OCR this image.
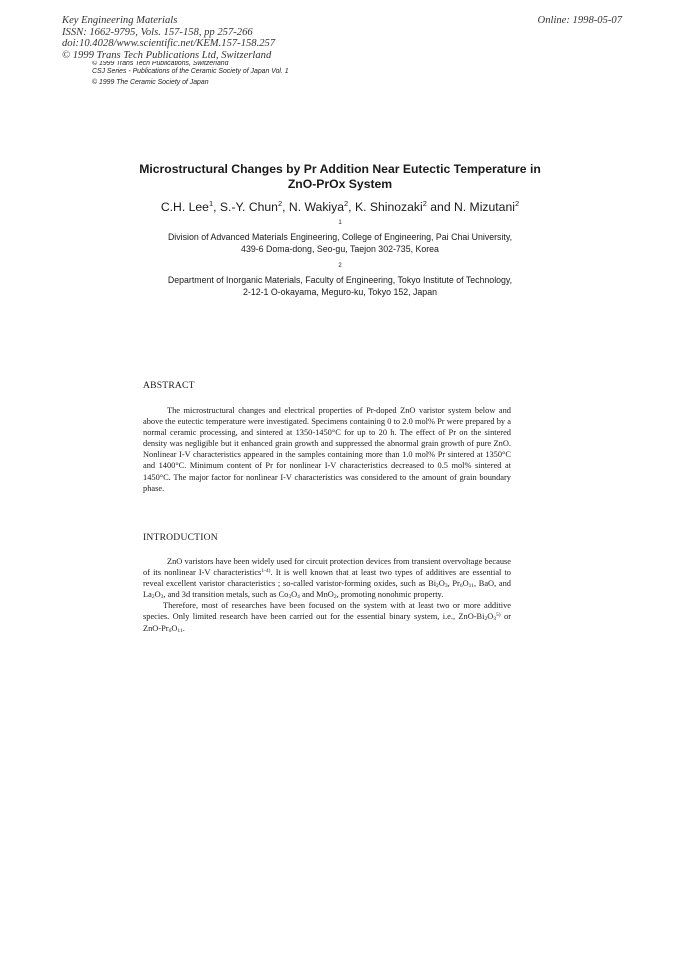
Key Engineering Materials
ISSN: 1662-9795, Vols. 157-158, pp 257-266
doi:10.4028/www.scientific.net/KEM.157-158.257
© 1999 Trans Tech Publications Ltd, Switzerland
Online: 1998-05-07
© 1999 Trans Tech Publications, Switzerland
CSJ Series - Publications of the Ceramic Society of Japan Vol. 1
© 1999 The Ceramic Society of Japan
Microstructural Changes by Pr Addition Near Eutectic Temperature in
ZnO-PrOx System
C.H. Lee$^1$, S.-Y. Chun$^2$, N. Wakiya$^2$, K. Shinozaki$^2$ and N. Mizutani$^2$
$^1$
Division of Advanced Materials Engineering, College of Engineering, Pai Chai University,
439-6 Doma-dong, Seo-gu, Taejon 302-735, Korea
$^2$
Department of Inorganic Materials, Faculty of Engineering, Tokyo Institute of Technology,
2-12-1 O-okayama, Meguro-ku, Tokyo 152, Japan
ABSTRACT

The microstructural changes and electrical properties of Pr-doped ZnO varistor system below and above the eutectic temperature were investigated. Specimens containing 0 to 2.0 mol% Pr were prepared by a normal ceramic processing, and sintered at 1350-1450°C for up to 20 h. The effect of Pr on the sintered density was negligible but it enhanced grain growth and suppressed the abnormal grain growth of pure ZnO. Nonlinear I-V characteristics appeared in the samples containing more than 1.0 mol% Pr sintered at 1350°C and 1400°C. Minimum content of Pr for nonlinear I-V characteristics decreased to 0.5 mol% sintered at 1450°C. The major factor for nonlinear I-V characteristics was considered to the amount of grain boundary phase.

INTRODUCTION

ZnO varistors have been widely used for circuit protection devices from transient overvoltage because of its nonlinear I-V characteristics$^{1-4)}$. It is well known that at least two types of additives are essential to reveal excellent varistor characteristics ; so-called varistor-forming oxides, such as $Bi_2O_3$, $Pr_6O_{11}$, BaO, and $La_2O_3$, and 3d transition metals, such as $Co_3O_4$ and MnO$_2$, promoting nonohmic property.

Therefore, most of researches have been focused on the system with at least two or more additive species. Only limited research have been carried out for the essential binary system, i.e., ZnO-$Bi_2O_3^{5)}$ or ZnO-$Pr_6O_{11}$.
